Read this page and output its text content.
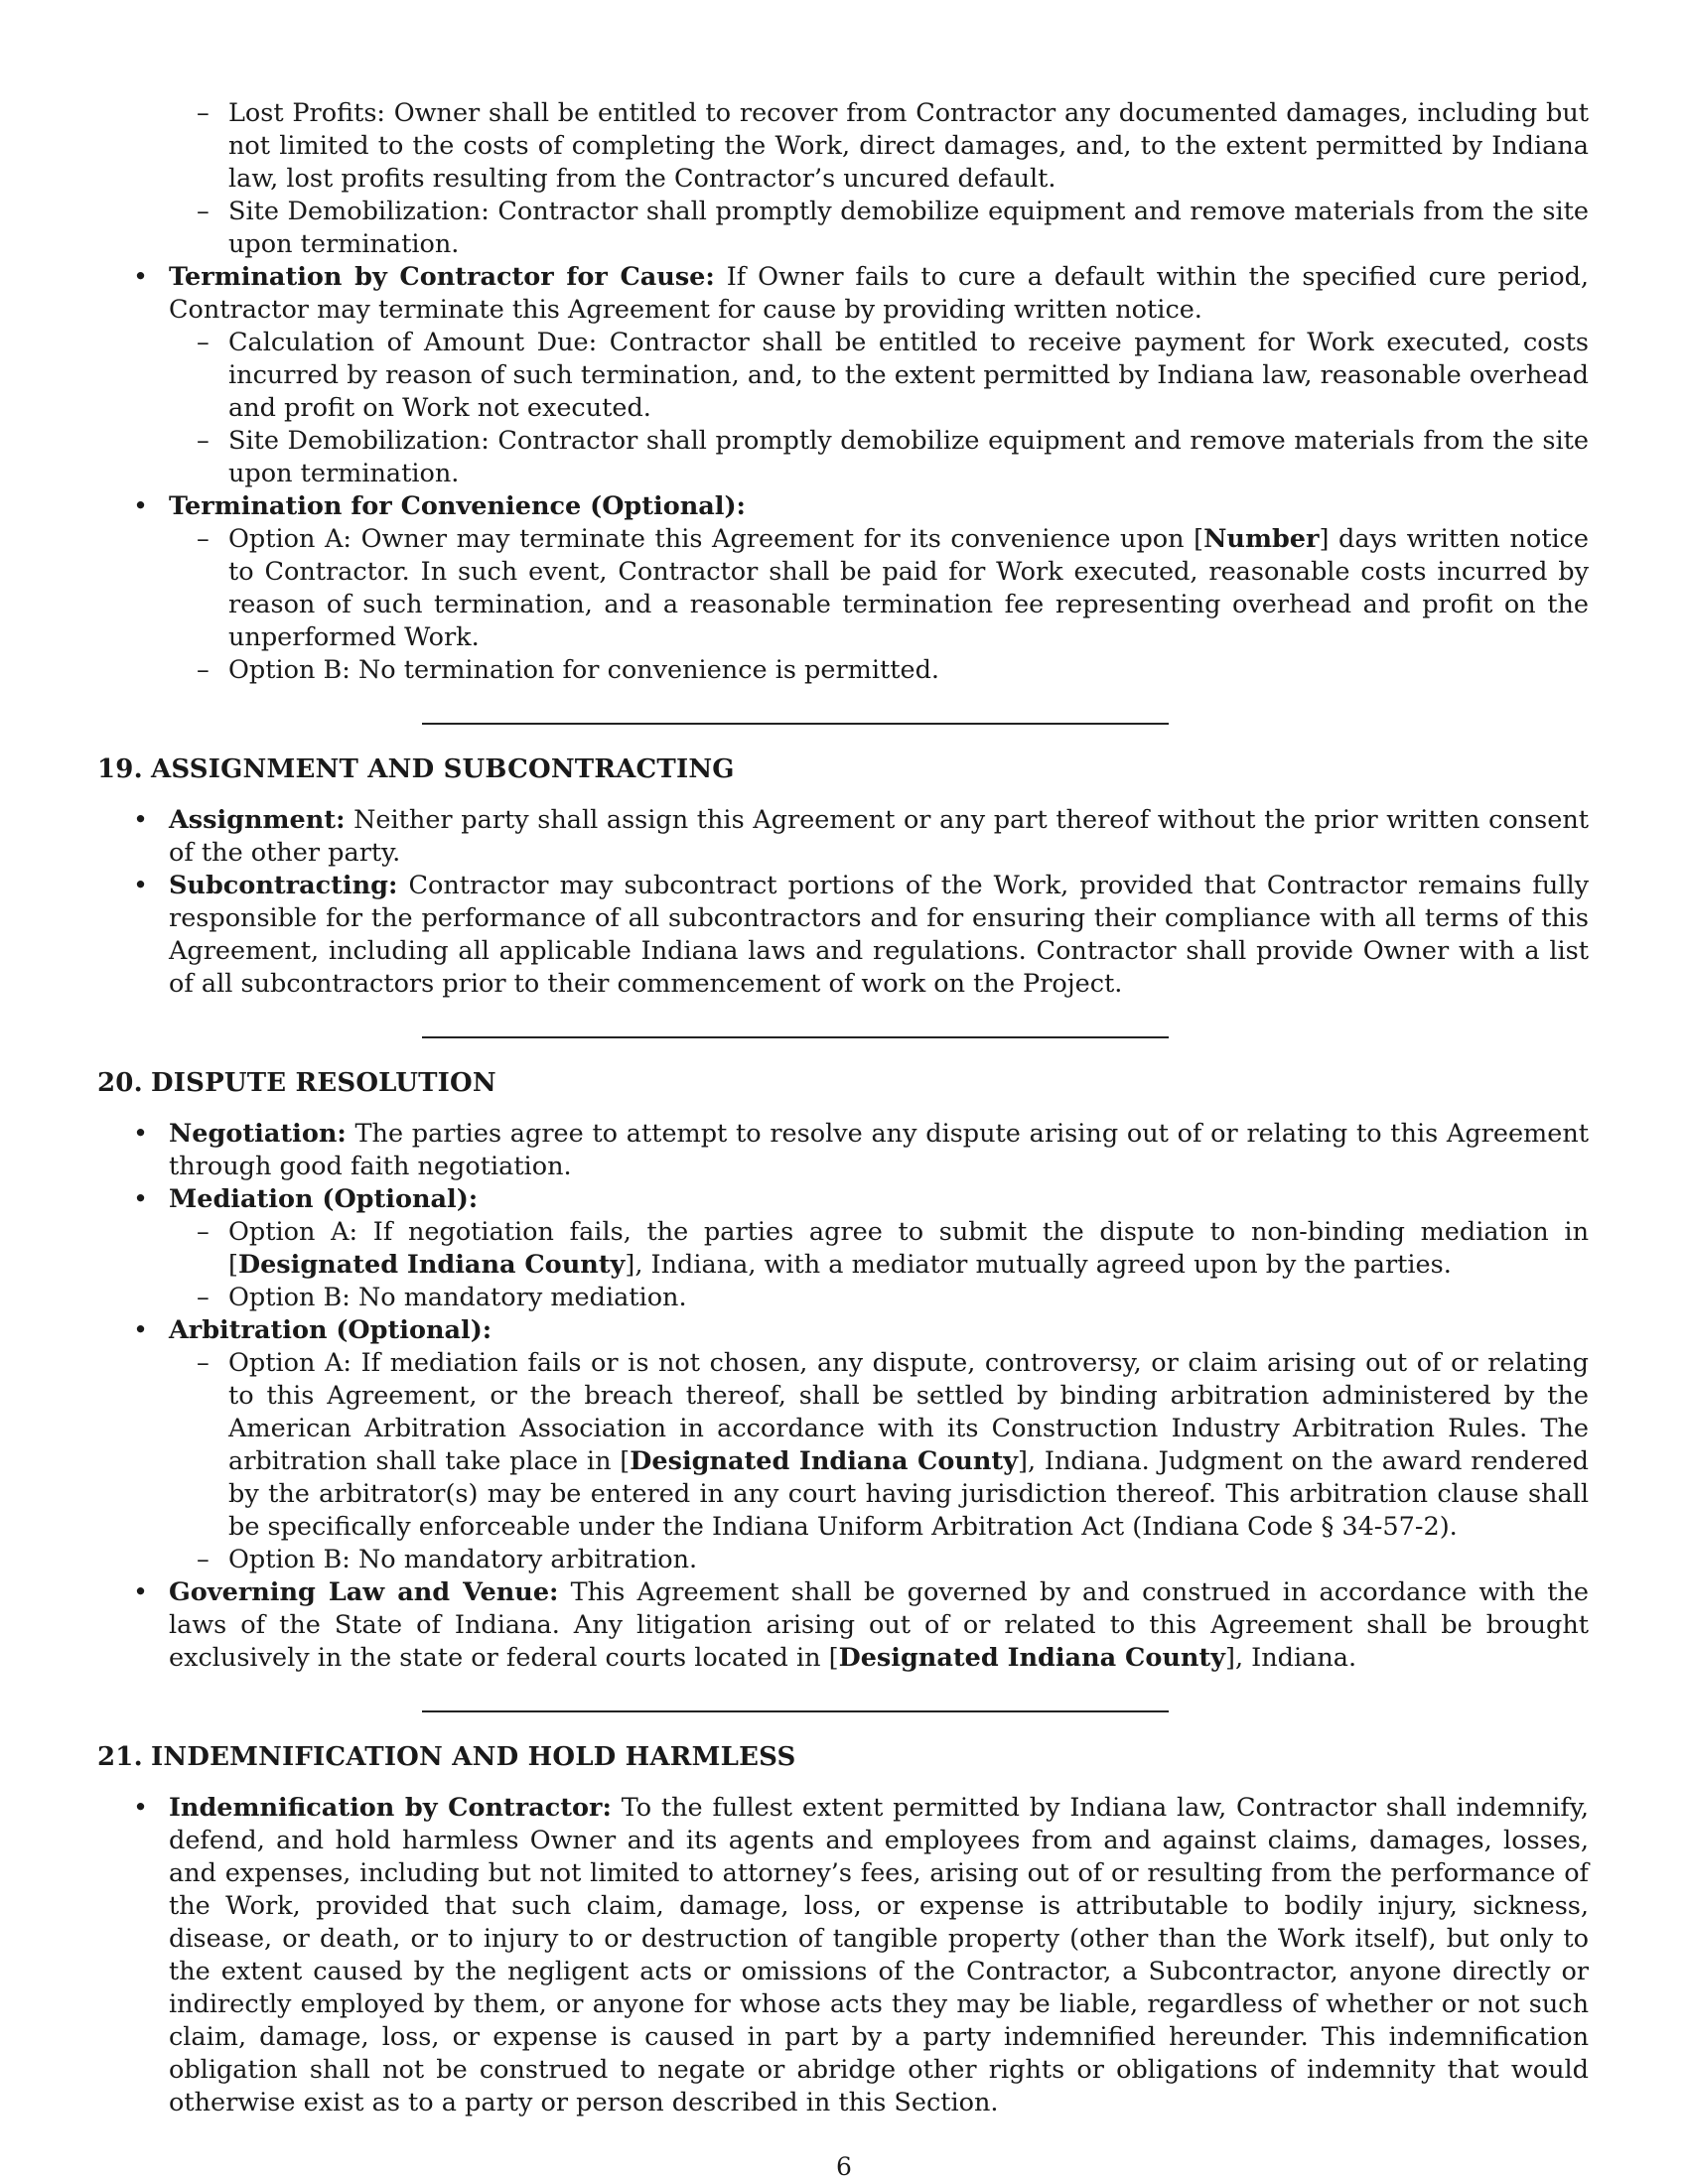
– Lost Profits: Owner shall be entitled to recover from Contractor any documented damages, including but not limited to the costs of completing the Work, direct damages, and, to the extent permitted by Indiana law, lost profits resulting from the Contractor’s uncured default.
– Site Demobilization: Contractor shall promptly demobilize equipment and remove materials from the site upon termination.
• Termination by Contractor for Cause: If Owner fails to cure a default within the specified cure period, Contractor may terminate this Agreement for cause by providing written notice.
– Calculation of Amount Due: Contractor shall be entitled to receive payment for Work executed, costs incurred by reason of such termination, and, to the extent permitted by Indiana law, reasonable overhead and profit on Work not executed.
– Site Demobilization: Contractor shall promptly demobilize equipment and remove materials from the site upon termination.
• Termination for Convenience (Optional):
– Option A: Owner may terminate this Agreement for its convenience upon [Number] days written notice to Contractor. In such event, Contractor shall be paid for Work executed, reasonable costs incurred by reason of such termination, and a reasonable termination fee representing overhead and profit on the unperformed Work.
– Option B: No termination for convenience is permitted.
19. ASSIGNMENT AND SUBCONTRACTING
• Assignment: Neither party shall assign this Agreement or any part thereof without the prior written consent of the other party.
• Subcontracting: Contractor may subcontract portions of the Work, provided that Contractor remains fully responsible for the performance of all subcontractors and for ensuring their compliance with all terms of this Agreement, including all applicable Indiana laws and regulations. Contractor shall provide Owner with a list of all subcontractors prior to their commencement of work on the Project.
20. DISPUTE RESOLUTION
• Negotiation: The parties agree to attempt to resolve any dispute arising out of or relating to this Agreement through good faith negotiation.
• Mediation (Optional):
– Option A: If negotiation fails, the parties agree to submit the dispute to non-binding mediation in [Designated Indiana County], Indiana, with a mediator mutually agreed upon by the parties.
– Option B: No mandatory mediation.
• Arbitration (Optional):
– Option A: If mediation fails or is not chosen, any dispute, controversy, or claim arising out of or relating to this Agreement, or the breach thereof, shall be settled by binding arbitration administered by the American Arbitration Association in accordance with its Construction Industry Arbitration Rules. The arbitration shall take place in [Designated Indiana County], Indiana. Judgment on the award rendered by the arbitrator(s) may be entered in any court having jurisdiction thereof. This arbitration clause shall be specifically enforceable under the Indiana Uniform Arbitration Act (Indiana Code § 34-57-2).
– Option B: No mandatory arbitration.
• Governing Law and Venue: This Agreement shall be governed by and construed in accordance with the laws of the State of Indiana. Any litigation arising out of or related to this Agreement shall be brought exclusively in the state or federal courts located in [Designated Indiana County], Indiana.
21. INDEMNIFICATION AND HOLD HARMLESS
• Indemnification by Contractor: To the fullest extent permitted by Indiana law, Contractor shall indemnify, defend, and hold harmless Owner and its agents and employees from and against claims, damages, losses, and expenses, including but not limited to attorney’s fees, arising out of or resulting from the performance of the Work, provided that such claim, damage, loss, or expense is attributable to bodily injury, sickness, disease, or death, or to injury to or destruction of tangible property (other than the Work itself), but only to the extent caused by the negligent acts or omissions of the Contractor, a Subcontractor, anyone directly or indirectly employed by them, or anyone for whose acts they may be liable, regardless of whether or not such claim, damage, loss, or expense is caused in part by a party indemnified hereunder. This indemnification obligation shall not be construed to negate or abridge other rights or obligations of indemnity that would otherwise exist as to a party or person described in this Section.
6
